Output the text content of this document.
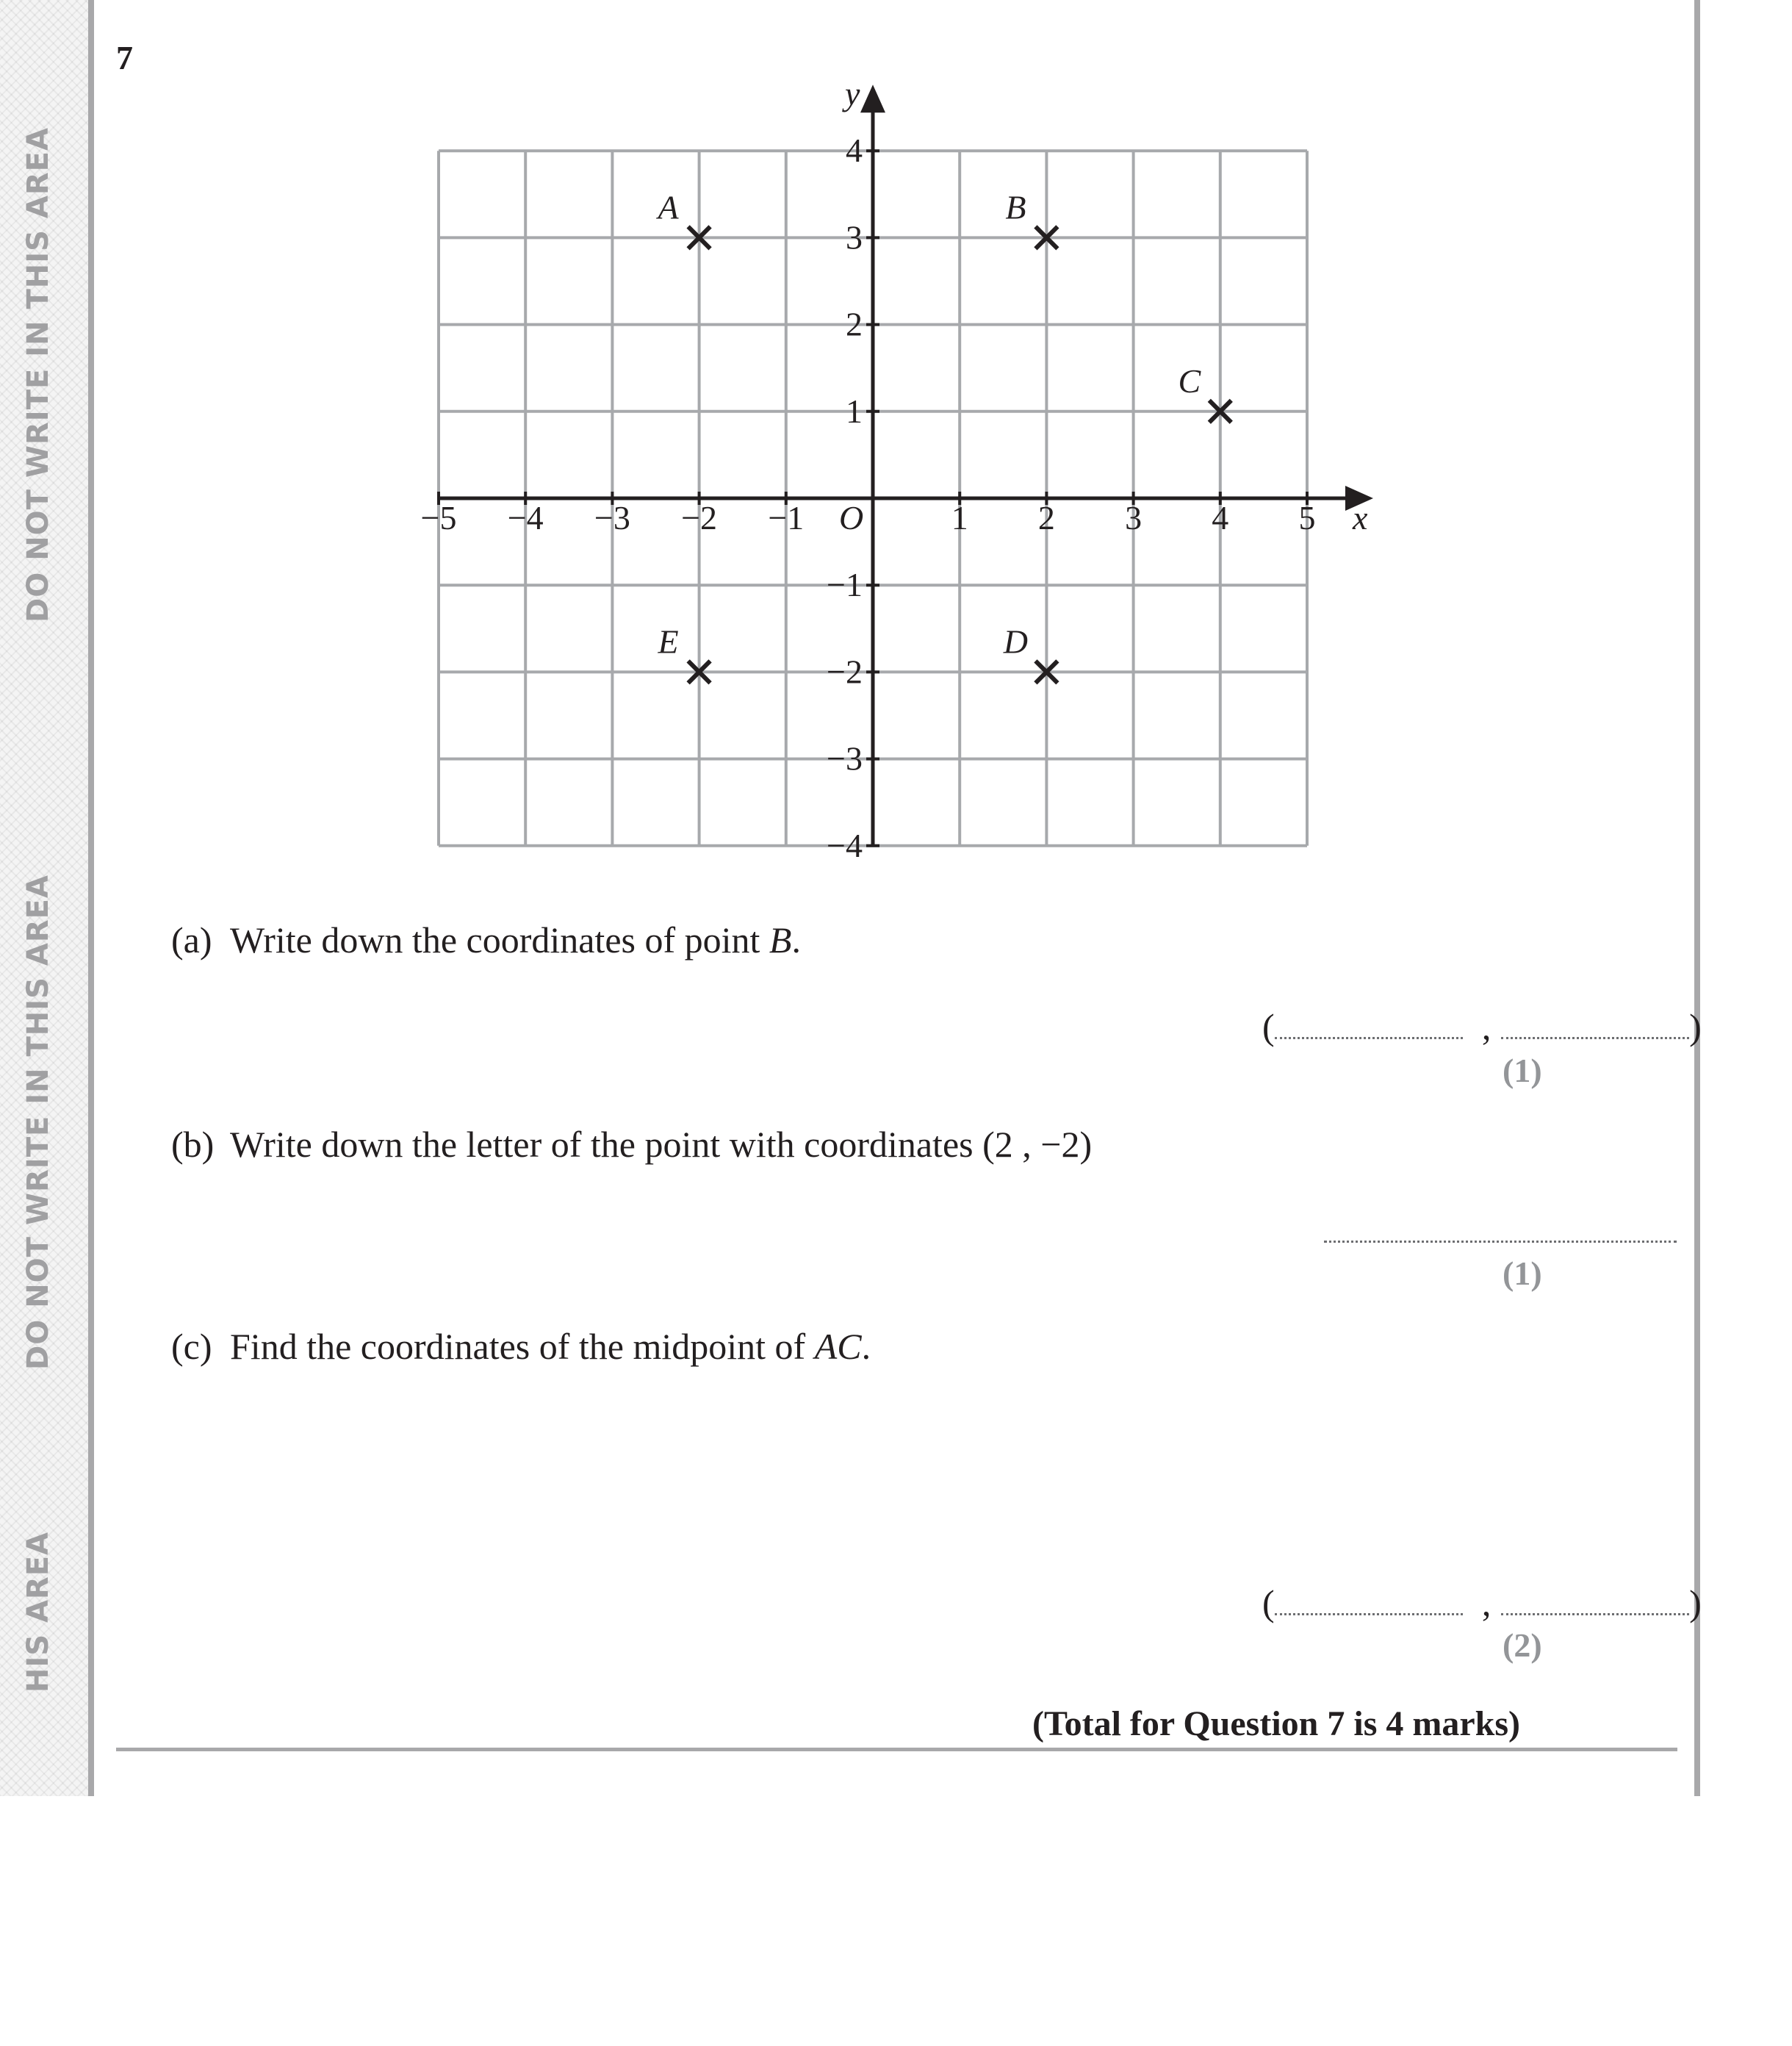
DO NOT WRITE IN THIS AREA
DO NOT WRITE IN THIS AREA
HIS AREA
7
x
y
O
−5 −4 −3 −2 −1	1 2 3 4 5
4
3
2
1
−1
−2
−3
−4
A	B
C
D
E
(a) Write down the coordinates of point B.
(	,	)
(1)
(b) Write down the letter of the point with coordinates (2 , −2)
(1)
(c) Find the coordinates of the midpoint of AC.
(	,	)
(2)
(Total for Question 7 is 4 marks)
